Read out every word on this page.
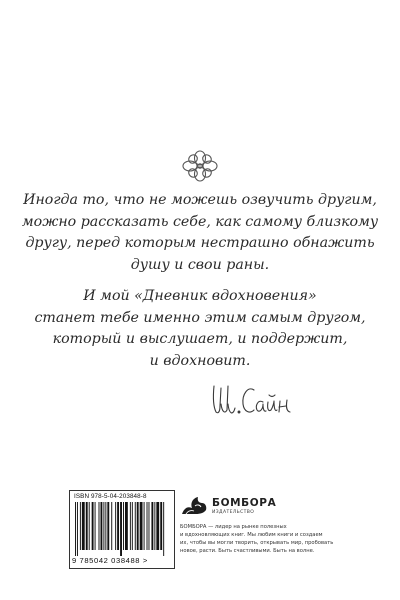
Иногда то, что не можешь озвучить другим,

можно рассказать себе, как самому близкому

другу, перед которым нестрашно обнажить

душу и свои раны.

И мой «Дневник вдохновения»

станет тебе именно этим самым другом,

который и выслушает, и поддержит,

и вдохновит.

ISBN 978-5-04-203848-8
9 785042 038488 >
БОМБОРА
ИЗДАТЕЛЬСТВО
БОМБОРА — лидер на рынке полезных
и вдохновляющих книг. Мы любим книги и создаем
их, чтобы вы могли творить, открывать мир, пробовать
новое, расти. Быть счастливыми. Быть на волне.
